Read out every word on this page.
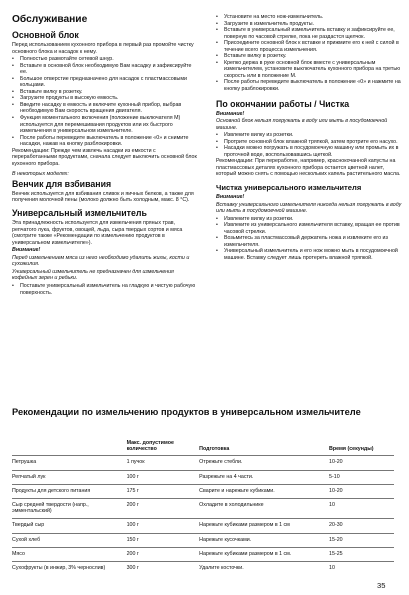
Обслуживание
Основной блок

Перед использованием кухонного прибора в первый раз промойте чистку основного блока и насадок к нему.

• Полностью размотайте сетевой шнур.
• Вставьте в основной блок необходимую Вам насадку и зафиксируйте ее.
• Большое отверстие предназначено для насадок с пластмассовыми кольцами.
• Вставьте вилку в розетку.
• Загрузите продукты в высокую емкость.
• Введите насадку в емкость и включите кухонный прибор, выбрав необходимую Вам скорость вращения двигателя.
• Функция моментального включения (положение выключателя M) используется для перемешивания продуктов или их быстрого измельчения в универсальном измельчителе.
• После работы переведите выключатель в положение «0» и снимите насадки, нажав на кнопку разблокировки.

Рекомендации: Прежде чем извлечь насадки из емкости с переработанными продуктами, сначала следует выключить основной блок кухонного прибора.

В некоторых моделях:

Венчик для взбивания

Венчик используется для взбивания сливок и яичных белков, а также для получения молочной пены (молоко должно быть холодным, макс. 8 °C).

Универсальный измельчитель

Эта принадлежность используется для измельчения пряных трав, репчатого лука, фруктов, овощей, льда, сыра твердых сортов и мяса (смотрите также «Рекомендации по измельчению продуктов в универсальном измельчителе»).

Внимание!

Перед измельчением мяса из него необходимо удалить жилы, кости и сухожилия.

Универсальный измельчитель не предназначен для измельчения кофейных зерен и редьки.

• Поставьте универсальный измельчитель на гладкую и чистую рабочую поверхность.
• Установите на место нож-измельчитель.
• Загрузите в измельчитель продукты.
• Вставьте в универсальный измельчитель вставку и зафиксируйте ее, повернув по часовой стрелке, пока не раздастся щелчок.
• Присоедините основной блок к вставке и прижмите его к ней с силой в течение всего процесса измельчения.
• Вставьте вилку в розетку.
• Крепко держа в руке основной блок вместе с универсальным измельчителем, установите выключатель кухонного прибора на третью скорость или в положение M.
• После работы переведите выключатель в положение «0» и нажмите на кнопку разблокировки.
По окончании работы / Чистка

Внимание!

Основной блок нельзя погружать в воду или мыть в посудомоечной машине.

• Извлеките вилку из розетки.
• Протрите основной блок влажной тряпкой, затем протрите его насухо.
• Насадки можно погружать в посудомоечную машину или промыть их в проточной воде, воспользовавшись щеткой.

Рекомендации: При переработке, например, краснокочанной капусты на пластмассовых деталях кухонного прибора остается цветной налет, который можно снять с помощью нескольких капель растительного масла.

Чистка универсального измельчителя

Внимание!

Вставку универсального измельчителя никогда нельзя погружать в воду или мыть в посудомоечной машине.

• Извлеките вилку из розетки.
• Извлеките из универсального измельчителя вставку, вращая ее против часовой стрелки.
• Возьмитесь за пластмассовый держатель ножа и извлеките его из измельчителя.
• Универсальный измельчитель и его нож можно мыть в посудомоечной машине. Вставку следует лишь протереть влажной тряпкой.
Рекомендации по измельчению продуктов в универсальном измельчителе
	Макс. допустимое количество	Подготовка	Время (секунды)
Петрушка	1 пучок	Отрежьте стебли.	10-20
Репчатый лук	100 г	Разрежьте на 4 части.	5-10
Продукты для детского питания	175 г	Сварите и нарежьте кубиками.	10-20
Сыр средней твердости (напр., эмментальский)	200 г	Охладите в холодильнике	10
Твердый сыр	100 г	Нарежьте кубиками размером в 1 см	20-30
Сухой хлеб	150 г	Нарежьте кусочками.	15-20
Мясо	200 г	Нарежьте кубиками размером в 1 см.	15-25
Сухофрукты (в инжир, 3% чернослив)	300 г	Удалите косточки.	10
35
